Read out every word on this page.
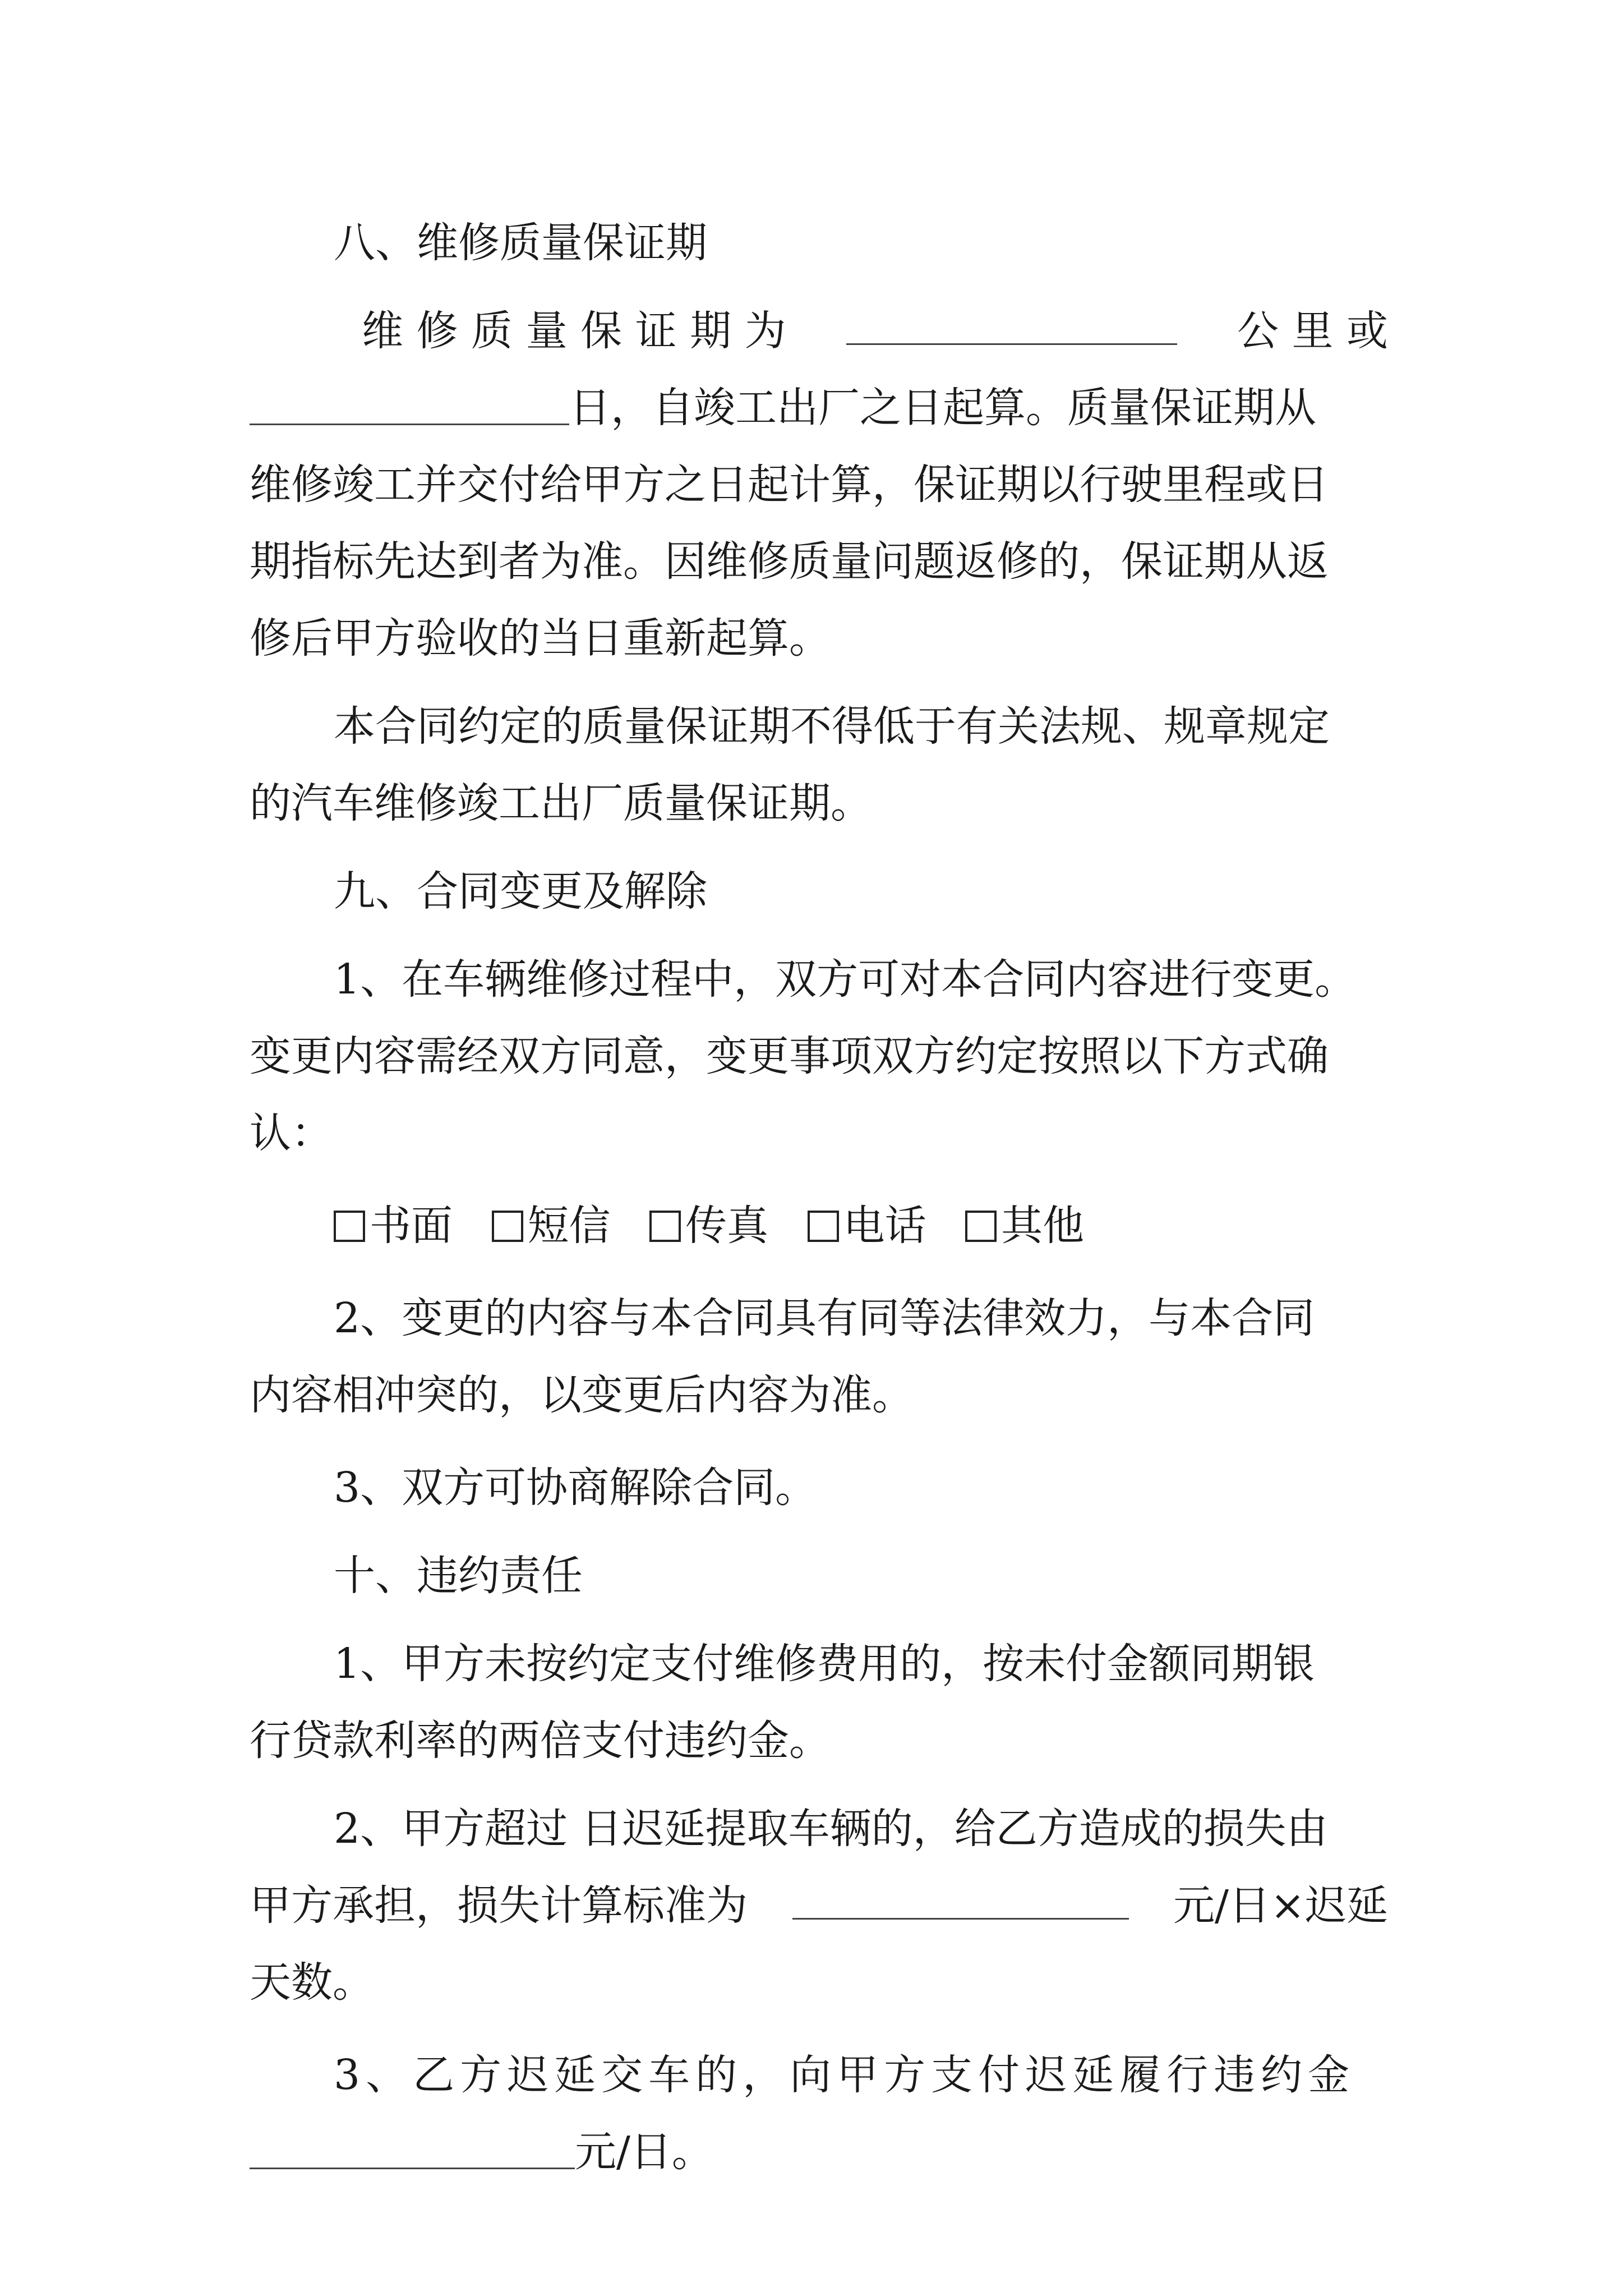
八、维修质量保证期
维 修 质 量 保 证 期 为	公 里 或
日，自竣工出厂之日起算。质量保证期从
维修竣工并交付给甲方之日起计算，保证期以行驶里程或日
期指标先达到者为准。因维修质量问题返修的，保证期从返
修后甲方验收的当日重新起算。
本合同约定的质量保证期不得低于有关法规、规章规定
的汽车维修竣工出厂质量保证期。
九、合同变更及解除
1、在车辆维修过程中，双方可对本合同内容进行变更。
变更内容需经双方同意，变更事项双方约定按照以下方式确
认：
书面
短信
传真
电话
其他
2、变更的内容与本合同具有同等法律效力，与本合同
内容相冲突的，以变更后内容为准。
3、双方可协商解除合同。
十、违约责任
1、甲方未按约定支付维修费用的，按未付金额同期银
行贷款利率的两倍支付违约金。
2、甲方超过 日迟延提取车辆的，给乙方造成的损失由
甲方承担，损失计算标准为	元/日×迟延
天数。
3、乙方迟延交车的，向甲方支付迟延履行违约金
元/日。
